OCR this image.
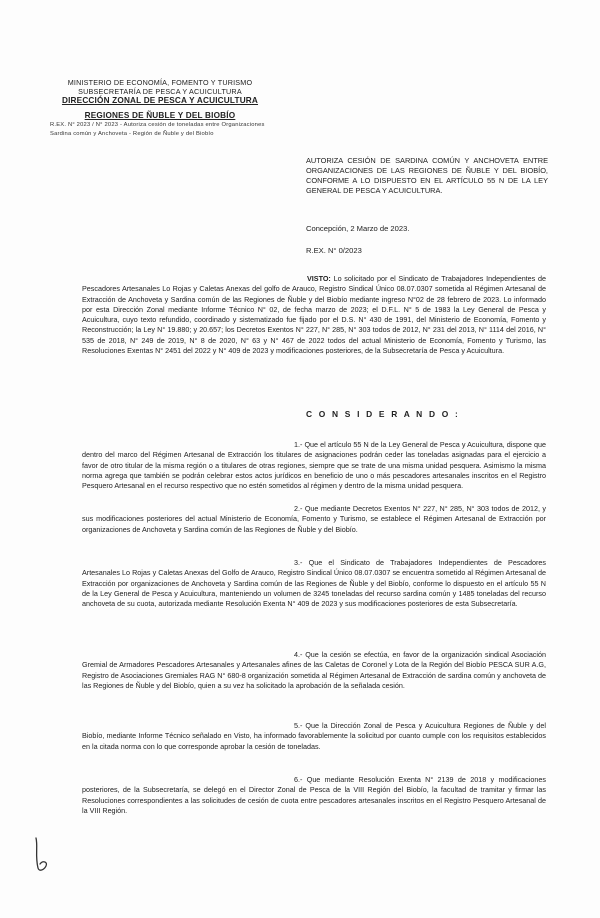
MINISTERIO DE ECONOMÍA, FOMENTO Y TURISMO
SUBSECRETARÍA DE PESCA Y ACUICULTURA
DIRECCIÓN ZONAL DE PESCA Y ACUICULTURA
REGIONES DE ÑUBLE Y DEL BIOBÍO
R.EX. N° 2023 / N° 2023 - Autoriza cesión de toneladas entre Organizaciones
Sardina común y Anchoveta - Región de Ñuble y del Biobío
AUTORIZA CESIÓN DE SARDINA COMÚN Y ANCHOVETA ENTRE ORGANIZACIONES DE LAS REGIONES DE ÑUBLE Y DEL BIOBÍO, CONFORME A LO DISPUESTO EN EL ARTÍCULO 55 N DE LA LEY GENERAL DE PESCA Y ACUICULTURA.
Concepción, 2 Marzo de 2023.
R.EX. N° 0/2023
VISTO: Lo solicitado por el Sindicato de Trabajadores Independientes de Pescadores Artesanales Lo Rojas y Caletas Anexas del golfo de Arauco, Registro Sindical Único 08.07.0307 sometida al Régimen Artesanal de Extracción de Anchoveta y Sardina común de las Regiones de Ñuble y del Biobío mediante ingreso N°02 de 28 febrero de 2023. Lo informado por esta Dirección Zonal mediante Informe Técnico N° 02, de fecha marzo de 2023; el D.F.L. N° 5 de 1983 la Ley General de Pesca y Acuicultura, cuyo texto refundido, coordinado y sistematizado fue fijado por el D.S. N° 430 de 1991, del Ministerio de Economía, Fomento y Reconstrucción; la Ley N° 19.880; y 20.657; los Decretos Exentos N° 227, N° 285, N° 303 todos de 2012, N° 231 del 2013, N° 1114 del 2016, N° 535 de 2018, N° 249 de 2019, N° 8 de 2020, N° 63 y N° 467 de 2022 todos del actual Ministerio de Economía, Fomento y Turismo, las Resoluciones Exentas N° 2451 del 2022 y N° 409 de 2023 y modificaciones posteriores, de la Subsecretaría de Pesca y Acuicultura.
C O N S I D E R A N D O :
1.- Que el artículo 55 N de la Ley General de Pesca y Acuicultura, dispone que dentro del marco del Régimen Artesanal de Extracción los titulares de asignaciones podrán ceder las toneladas asignadas para el ejercicio a favor de otro titular de la misma región o a titulares de otras regiones, siempre que se trate de una misma unidad pesquera. Asimismo la misma norma agrega que también se podrán celebrar estos actos jurídicos en beneficio de uno o más pescadores artesanales inscritos en el Registro Pesquero Artesanal en el recurso respectivo que no estén sometidos al régimen y dentro de la misma unidad pesquera.
2.- Que mediante Decretos Exentos N° 227, N° 285, N° 303 todos de 2012, y sus modificaciones posteriores del actual Ministerio de Economía, Fomento y Turismo, se establece el Régimen Artesanal de Extracción por organizaciones de Anchoveta y Sardina común de las Regiones de Ñuble y del Biobío.
3.- Que el Sindicato de Trabajadores Independientes de Pescadores Artesanales Lo Rojas y Caletas Anexas del Golfo de Arauco, Registro Sindical Único 08.07.0307 se encuentra sometido al Régimen Artesanal de Extracción por organizaciones de Anchoveta y Sardina común de las Regiones de Ñuble y del Biobío, conforme lo dispuesto en el artículo 55 N de la Ley General de Pesca y Acuicultura, manteniendo un volumen de 3245 toneladas del recurso sardina común y 1485 toneladas del recurso anchoveta de su cuota, autorizada mediante Resolución Exenta N° 409 de 2023 y sus modificaciones posteriores de esta Subsecretaría.
4.- Que la cesión se efectúa, en favor de la organización sindical Asociación Gremial de Armadores Pescadores Artesanales y Artesanales afines de las Caletas de Coronel y Lota de la Región del Biobío PESCA SUR A.G, Registro de Asociaciones Gremiales RAG N° 680-8 organización sometida al Régimen Artesanal de Extracción de sardina común y anchoveta de las Regiones de Ñuble y del Biobío, quien a su vez ha solicitado la aprobación de la señalada cesión.
5.- Que la Dirección Zonal de Pesca y Acuicultura Regiones de Ñuble y del Biobío, mediante Informe Técnico señalado en Visto, ha informado favorablemente la solicitud por cuanto cumple con los requisitos establecidos en la citada norma con lo que corresponde aprobar la cesión de toneladas.
6.- Que mediante Resolución Exenta N° 2139 de 2018 y modificaciones posteriores, de la Subsecretaría, se delegó en el Director Zonal de Pesca de la VIII Región del Biobío, la facultad de tramitar y firmar las Resoluciones correspondientes a las solicitudes de cesión de cuota entre pescadores artesanales inscritos en el Registro Pesquero Artesanal de la VIII Región.
